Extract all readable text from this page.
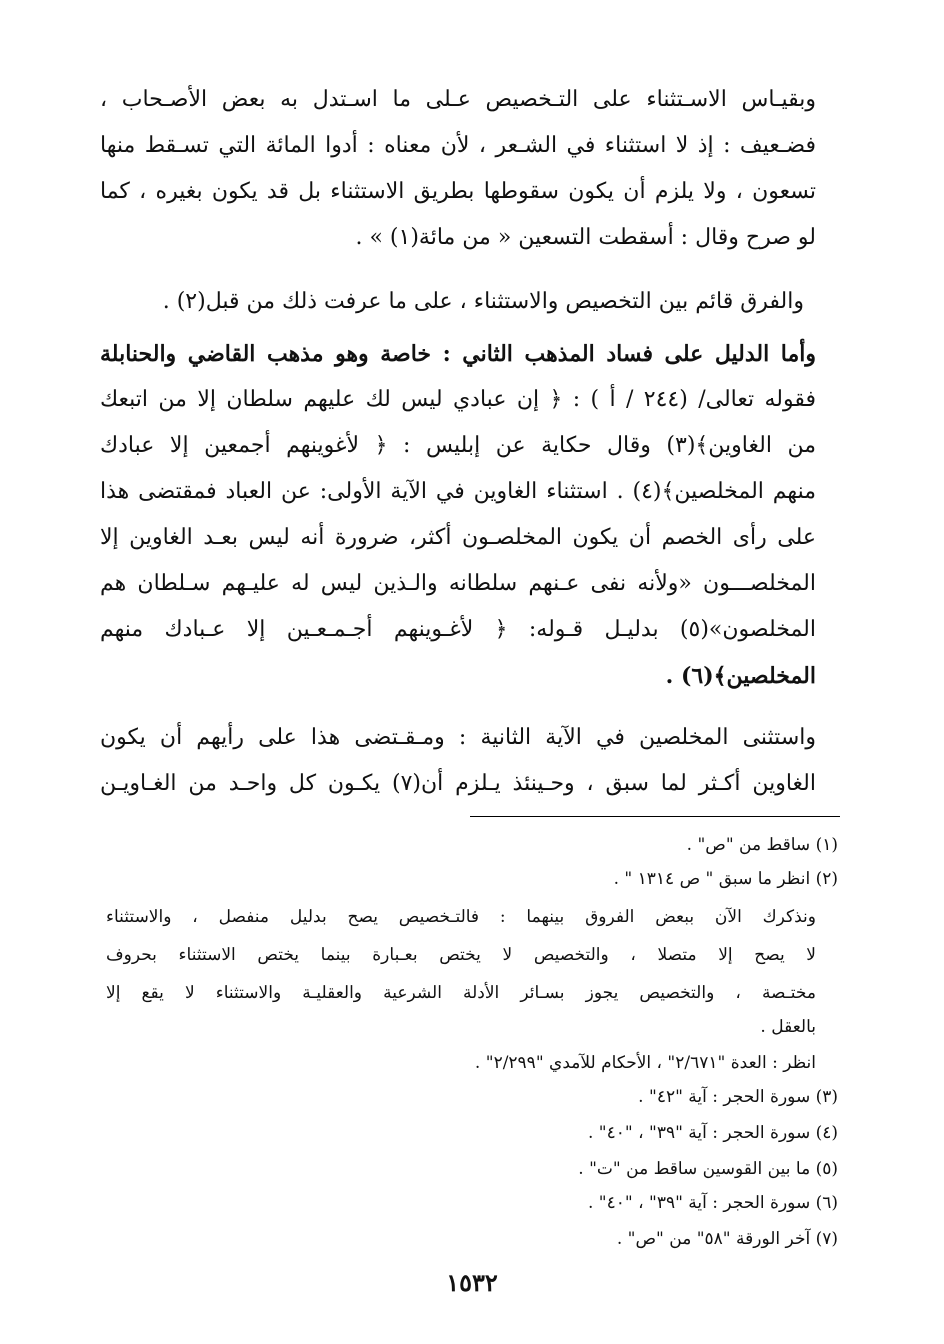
وبقيـاس الاسـتثناء على التـخصيص عـلى ما اسـتدل به بعض الأصـحاب ،
فضـعيف : إذ لا استثناء في الشـعر ، لأن معناه : أدوا المائة التي تسـقط منها
تسعون ، ولا يلزم أن يكون سقوطها بطريق الاستثناء بل قد يكون بغيره ، كما
لو صرح وقال : أسقطت التسعين « من مائة(١) » .
والفرق قائم بين التخصيص والاستثناء ، على ما عرفت ذلك من قبل(٢) .
وأما الدليل على فساد المذهب الثاني : خاصة وهو مذهب القاضي والحنابلة
فقوله تعالى/ (٢٤٤ / أ ) : ﴿ إن عبادي ليس لك عليهم سلطان إلا من اتبعك
من الغاوين﴾(٣) وقال حكاية عن إبليس : ﴿ لأغوينهم أجمعين إلا عبادك
منهم المخلصين﴾(٤) . استثناء الغاوين في الآية الأولى: عن العباد فمقتضى هذا
على رأى الخصم أن يكون المخلصـون أكثر، ضرورة أنه ليس بعـد الغاوين إلا
المخلصـــون «ولأنه نفى عـنهم سلطانه والـذين ليس له عليـهم سـلطان هم
المخلصون»(٥) بدليـل قـوله: ﴿ لأغـوينهم أجـمـعـين إلا عـبادك منهم
المخلصين﴾(٦) .
واستثنى المخلصين في الآية الثانية : ومـقـتضى هذا على رأيهم أن يكون
الغاوين أكـثر لما سبق ، وحـينئذ يـلزم أن(٧) يكـون كل واحـد من الغـاويـن
(١) ساقط من "ص" .
(٢) انظر ما سبق " ص ١٣١٤ " .
ونذكرك الآن ببعض الفروق بينهما : فالتـخصيص يصح بدليل منفصل ، والاستثناء
لا يصح إلا متصلا ، والتخصيص لا يختص بعـبارة بينما يختص الاستثناء بحروف
مختـصة ، والتخصيص يجوز بسـائر الأدلة الشرعية والعقليـة والاستثناء لا يقع إلا
بالعقل .
انظر : العدة "٢/٦٧١" ، الأحكام للآمدي "٢/٢٩٩" .
(٣) سورة الحجر : آية "٤٢" .
(٤) سورة الحجر : آية "٣٩" ، "٤٠" .
(٥) ما بين القوسين ساقط من "ت" .
(٦) سورة الحجر : آية "٣٩" ، "٤٠" .
(٧) آخر الورقة "٥٨" من "ص" .
١٥٣٢
